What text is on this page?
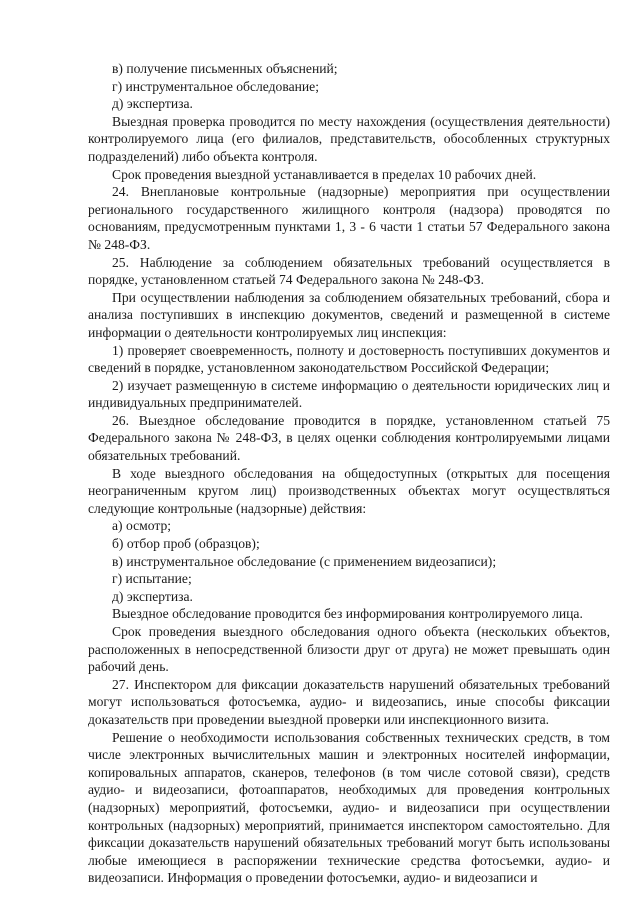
в) получение письменных объяснений;

г) инструментальное обследование;

д) экспертиза.

Выездная проверка проводится по месту нахождения (осуществления деятельности) контролируемого лица (его филиалов, представительств, обособленных структурных подразделений) либо объекта контроля.

Срок проведения выездной устанавливается в пределах 10 рабочих дней.

24. Внеплановые контрольные (надзорные) мероприятия при осуществлении регионального государственного жилищного контроля (надзора) проводятся по основаниям, предусмотренным пунктами 1, 3 - 6 части 1 статьи 57 Федерального закона № 248-ФЗ.

25. Наблюдение за соблюдением обязательных требований осуществляется в порядке, установленном статьей 74 Федерального закона № 248-ФЗ.

При осуществлении наблюдения за соблюдением обязательных требований, сбора и анализа поступивших в инспекцию документов, сведений и размещенной в системе информации о деятельности контролируемых лиц инспекция:

1) проверяет своевременность, полноту и достоверность поступивших документов и сведений в порядке, установленном законодательством Российской Федерации;

2) изучает размещенную в системе информацию о деятельности юридических лиц и индивидуальных предпринимателей.

26. Выездное обследование проводится в порядке, установленном статьей 75 Федерального закона № 248-ФЗ, в целях оценки соблюдения контролируемыми лицами обязательных требований.

В ходе выездного обследования на общедоступных (открытых для посещения неограниченным кругом лиц) производственных объектах могут осуществляться следующие контрольные (надзорные) действия:

а) осмотр;

б) отбор проб (образцов);

в) инструментальное обследование (с применением видеозаписи);

г) испытание;

д) экспертиза.

Выездное обследование проводится без информирования контролируемого лица.

Срок проведения выездного обследования одного объекта (нескольких объектов, расположенных в непосредственной близости друг от друга) не может превышать один рабочий день.

27. Инспектором для фиксации доказательств нарушений обязательных требований могут использоваться фотосъемка, аудио- и видеозапись, иные способы фиксации доказательств при проведении выездной проверки или инспекционного визита.

Решение о необходимости использования собственных технических средств, в том числе электронных вычислительных машин и электронных носителей информации, копировальных аппаратов, сканеров, телефонов (в том числе сотовой связи), средств аудио- и видеозаписи, фотоаппаратов, необходимых для проведения контрольных (надзорных) мероприятий, фотосъемки, аудио- и видеозаписи при осуществлении контрольных (надзорных) мероприятий, принимается инспектором самостоятельно. Для фиксации доказательств нарушений обязательных требований могут быть использованы любые имеющиеся в распоряжении технические средства фотосъемки, аудио- и видеозаписи. Информация о проведении фотосъемки, аудио- и видеозаписи и
